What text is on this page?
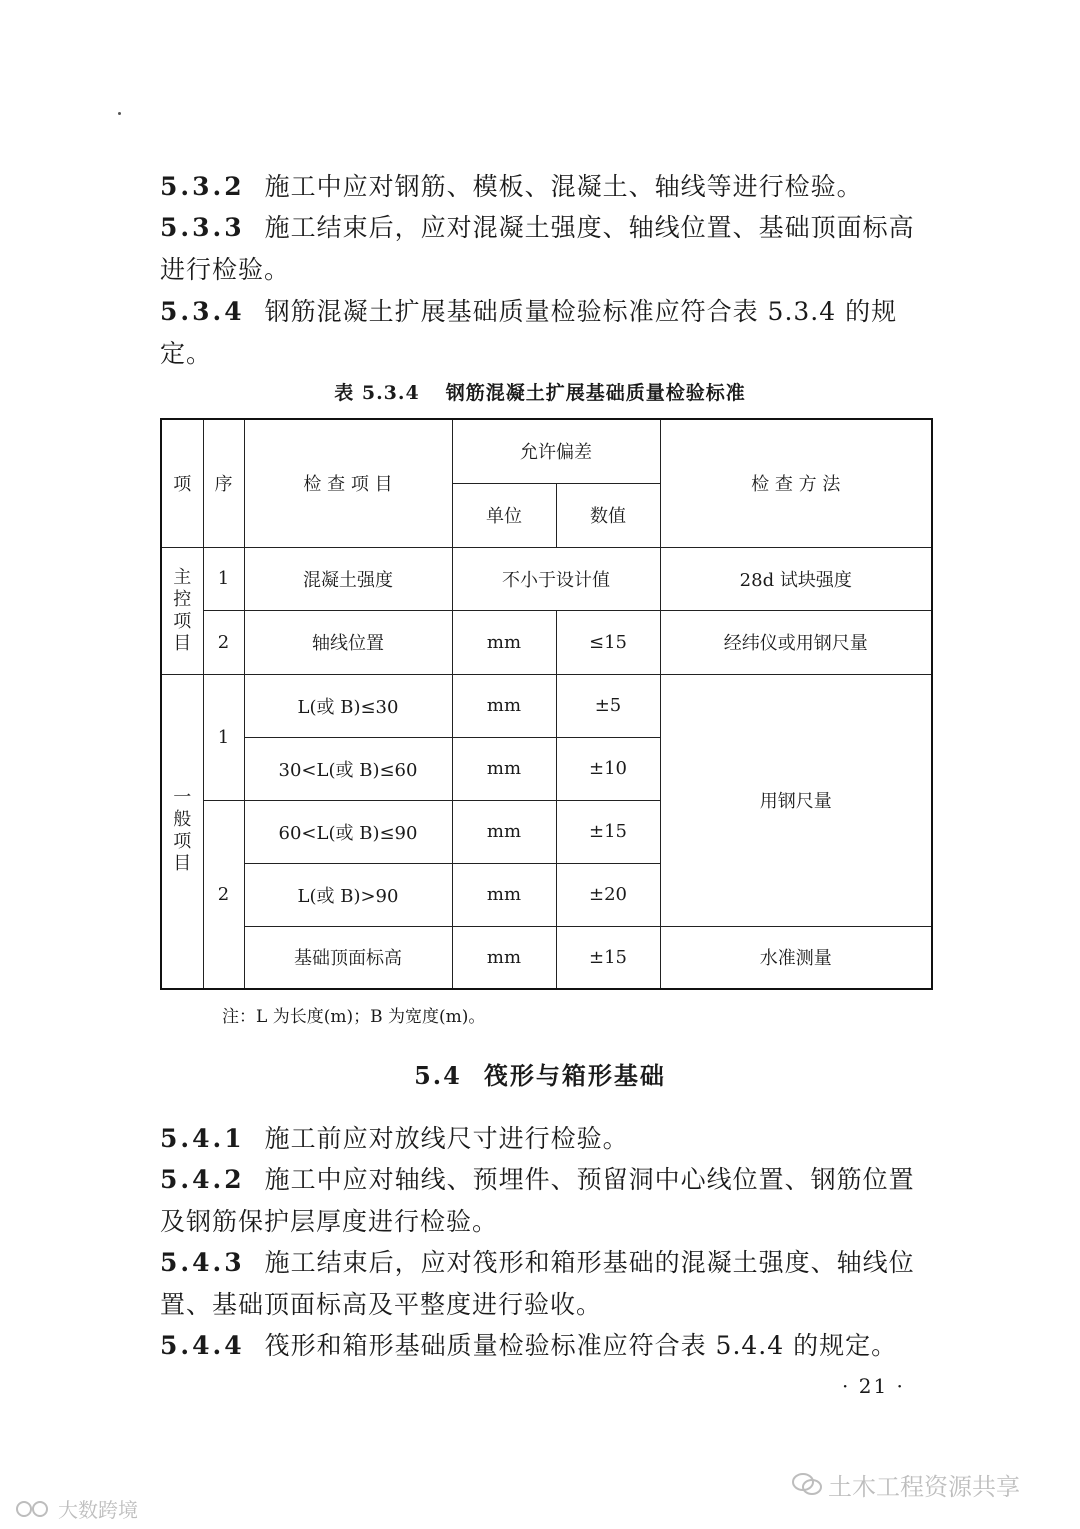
5.3.2 施工中应对钢筋、模板、混凝土、轴线等进行检验。
5.3.3 施工结束后，应对混凝土强度、轴线位置、基础顶面标高进行检验。
5.3.4 钢筋混凝土扩展基础质量检验标准应符合表 5.3.4 的规定。
表 5.3.4 钢筋混凝土扩展基础质量检验标准
项	序	检 查 项 目	允许偏差		检 查 方 法
			单位	数值	

主
控
项
目	1	混凝土强度	不小于设计值		28d 试块强度
	2	轴线位置	mm	≤15	经纬仪或用钢尺量

一
般
项
目	1	L(或 B)≤30	mm	±5	用钢尺量
		30<L(或 B)≤60	mm	±10	
	2	60<L(或 B)≤90	mm	±15	
		L(或 B)>90	mm	±20	
		基础顶面标高	mm	±15	水准测量
注：L 为长度(m)；B 为宽度(m)。
5.4 筏形与箱形基础
5.4.1 施工前应对放线尺寸进行检验。
5.4.2 施工中应对轴线、预埋件、预留洞中心线位置、钢筋位置及钢筋保护层厚度进行检验。
5.4.3 施工结束后，应对筏形和箱形基础的混凝土强度、轴线位置、基础顶面标高及平整度进行验收。
5.4.4 筏形和箱形基础质量检验标准应符合表 5.4.4 的规定。
· 21 ·
土木工程资源共享
大数跨境
